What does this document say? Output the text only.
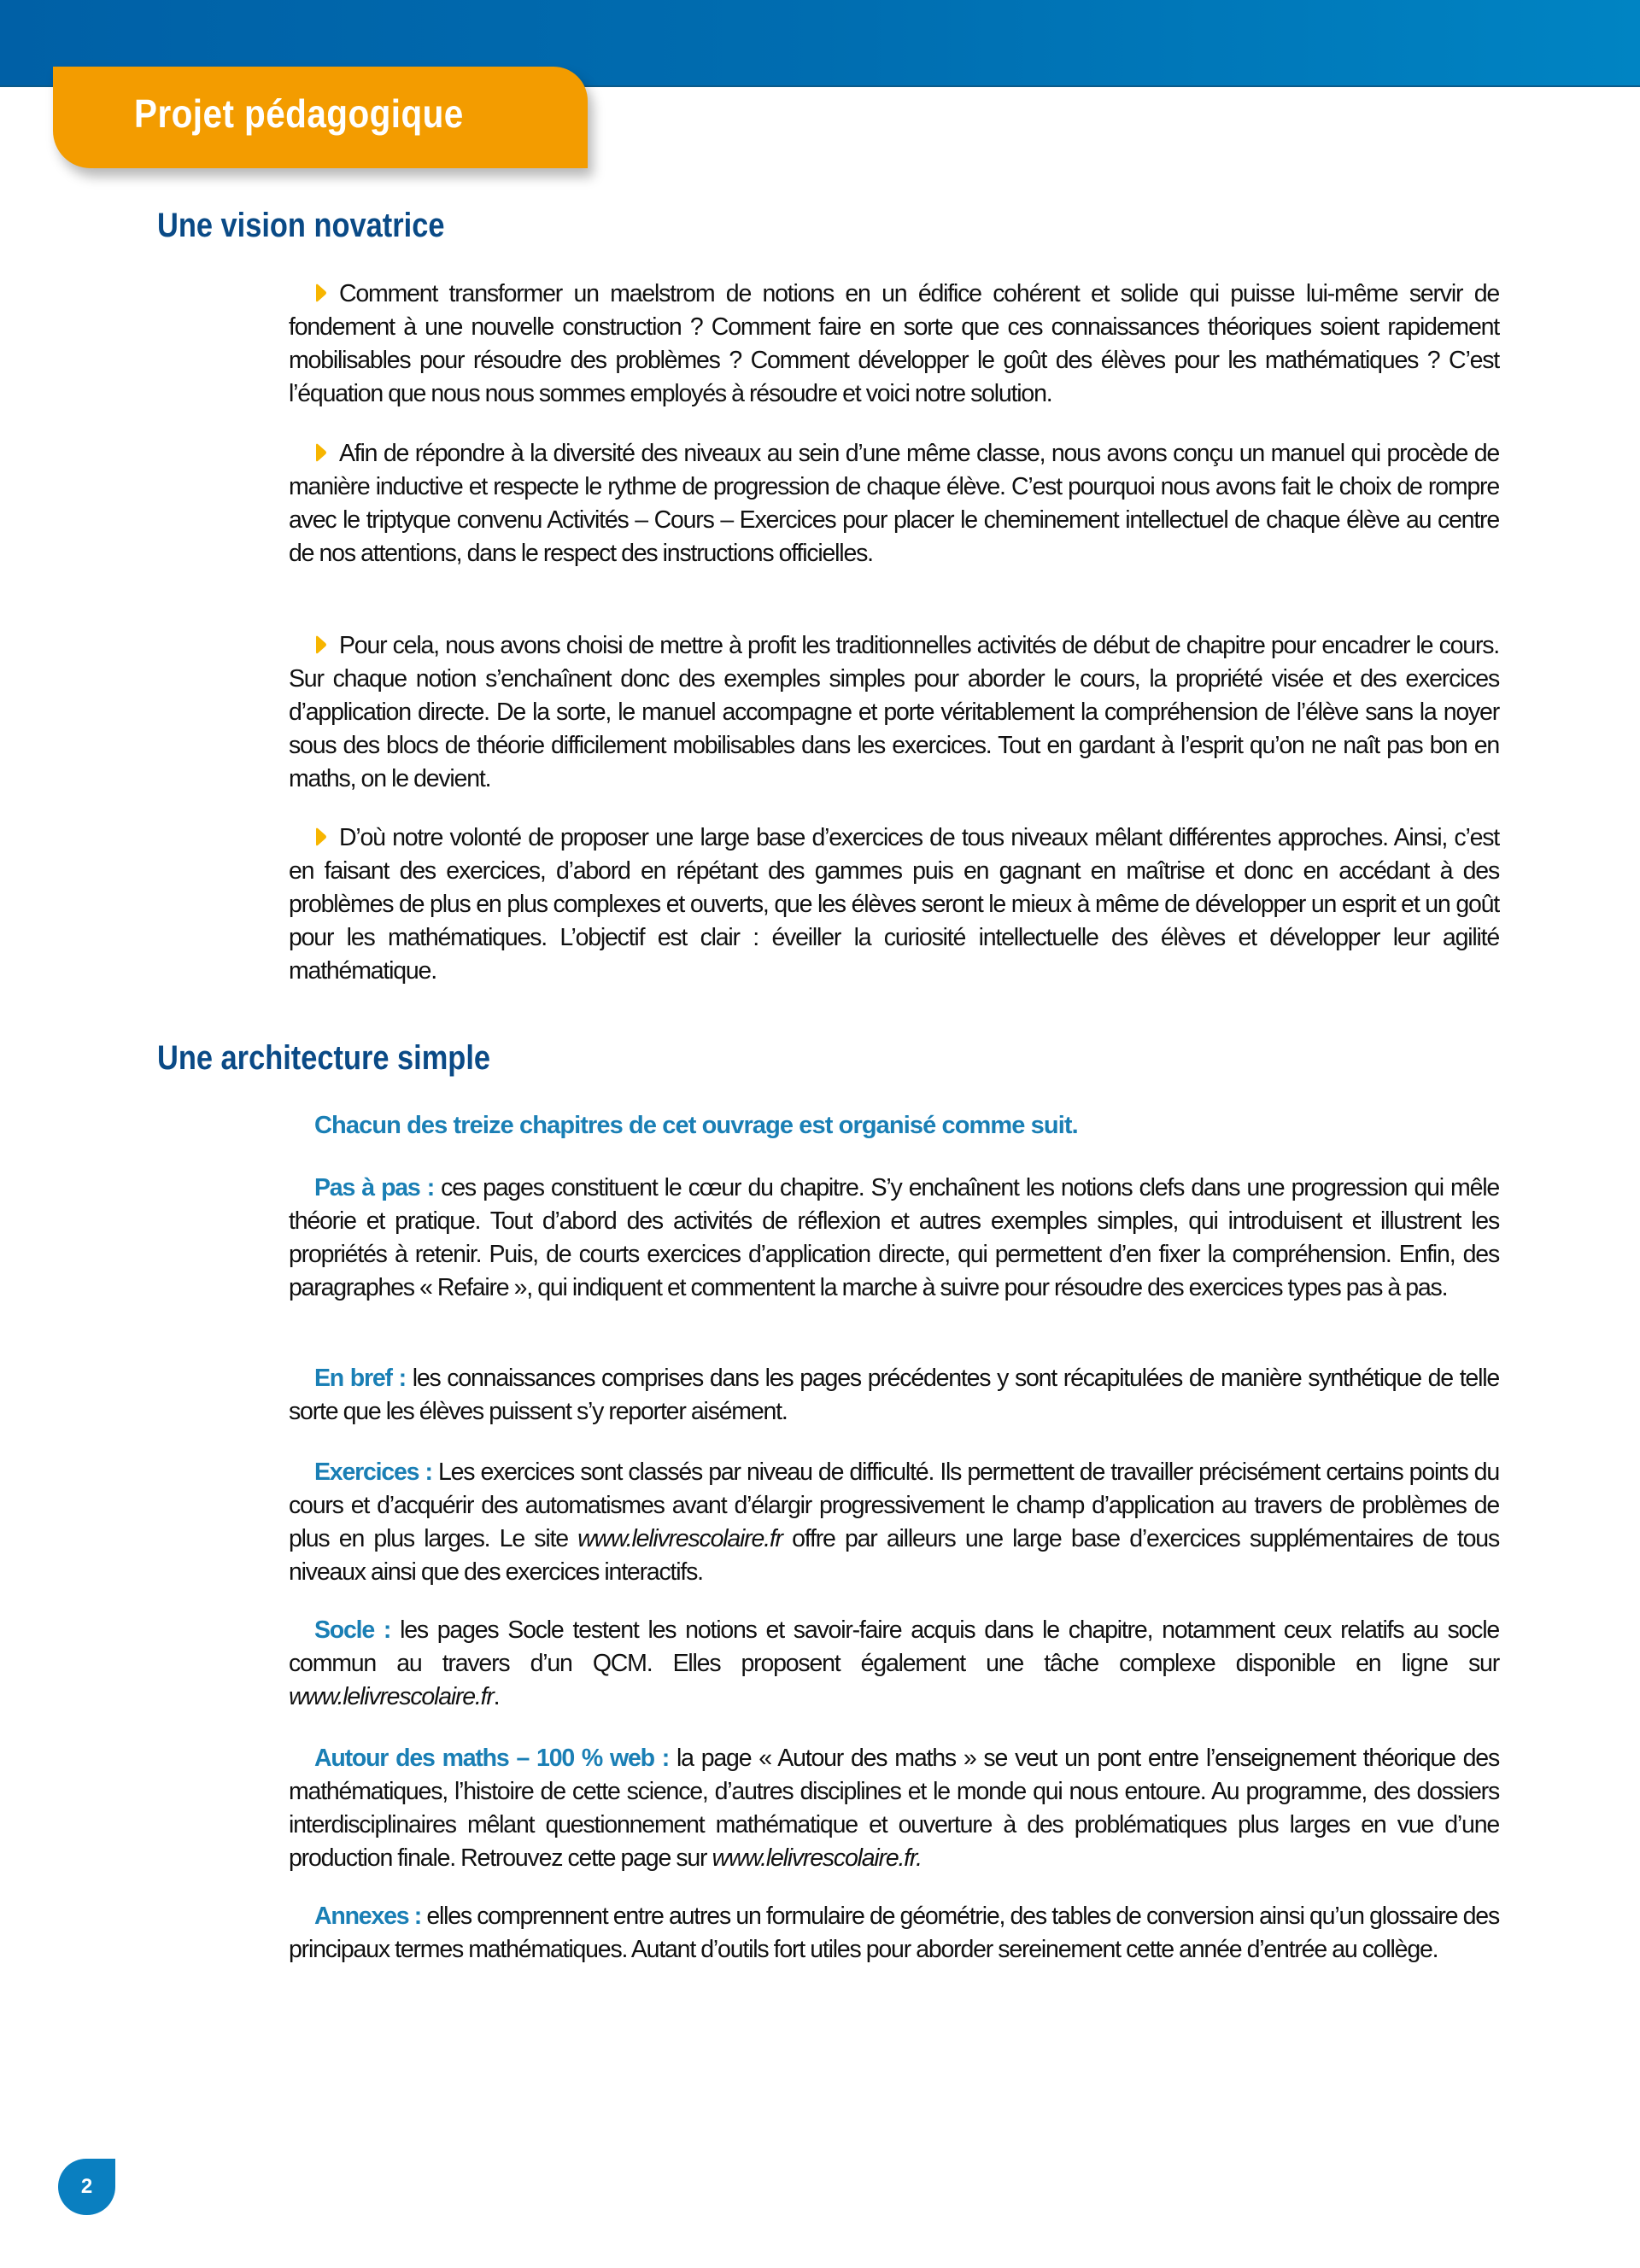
Projet pédagogique
Une vision novatrice

Comment transformer un maelstrom de notions en un édifice cohérent et solide qui puisse lui-même servir de fondement à une nouvelle construction ? Comment faire en sorte que ces connaissances théoriques soient rapidement mobilisables pour résoudre des problèmes ? Comment développer le goût des élèves pour les mathématiques ? C’est l’équation que nous nous sommes employés à résoudre et voici notre solution.

Afin de répondre à la diversité des niveaux au sein d’une même classe, nous avons conçu un manuel qui procède de manière inductive et respecte le rythme de progression de chaque élève. C’est pourquoi nous avons fait le choix de rompre avec le triptyque convenu Activités – Cours – Exercices pour placer le cheminement intellectuel de chaque élève au centre de nos attentions, dans le respect des instructions officielles.

Pour cela, nous avons choisi de mettre à profit les traditionnelles activités de début de chapitre pour encadrer le cours. Sur chaque notion s’enchaînent donc des exemples simples pour aborder le cours, la propriété visée et des exercices d’application directe. De la sorte, le manuel accompagne et porte véritablement la compréhension de l’élève sans la noyer sous des blocs de théorie difficilement mobilisables dans les exercices. Tout en gardant à l’esprit qu’on ne naît pas bon en maths, on le devient.

D’où notre volonté de proposer une large base d’exercices de tous niveaux mêlant différentes approches. Ainsi, c’est en faisant des exercices, d’abord en répétant des gammes puis en gagnant en maîtrise et donc en accédant à des problèmes de plus en plus complexes et ouverts, que les élèves seront le mieux à même de développer un esprit et un goût pour les mathématiques. L’objectif est clair : éveiller la curiosité intellectuelle des élèves et développer leur agilité mathématique.

Une architecture simple

Chacun des treize chapitres de cet ouvrage est organisé comme suit.

Pas à pas : ces pages constituent le cœur du chapitre. S’y enchaînent les notions clefs dans une progression qui mêle théorie et pratique. Tout d’abord des activités de réflexion et autres exemples simples, qui introduisent et illustrent les propriétés à retenir. Puis, de courts exercices d’application directe, qui permettent d’en fixer la compréhension. Enfin, des paragraphes « Refaire », qui indiquent et commentent la marche à suivre pour résoudre des exercices types pas à pas.

En bref : les connaissances comprises dans les pages précédentes y sont récapitulées de manière synthétique de telle sorte que les élèves puissent s’y reporter aisément.

Exercices : Les exercices sont classés par niveau de difficulté. Ils permettent de travailler précisément certains points du cours et d’acquérir des automatismes avant d’élargir progressivement le champ d’application au travers de problèmes de plus en plus larges. Le site www.lelivrescolaire.fr offre par ailleurs une large base d’exercices supplémentaires de tous niveaux ainsi que des exercices interactifs.

Socle : les pages Socle testent les notions et savoir-faire acquis dans le chapitre, notamment ceux relatifs au socle commun au travers d’un QCM. Elles proposent également une tâche complexe disponible en ligne sur www.lelivrescolaire.fr.

Autour des maths – 100 % web : la page « Autour des maths » se veut un pont entre l’enseignement théorique des mathématiques, l’histoire de cette science, d’autres disciplines et le monde qui nous entoure. Au programme, des dossiers interdisciplinaires mêlant questionnement mathématique et ouverture à des problématiques plus larges en vue d’une production finale. Retrouvez cette page sur www.lelivrescolaire.fr.

Annexes : elles comprennent entre autres un formulaire de géométrie, des tables de conversion ainsi qu’un glossaire des principaux termes mathématiques. Autant d’outils fort utiles pour aborder sereinement cette année d’entrée au collège.

2
